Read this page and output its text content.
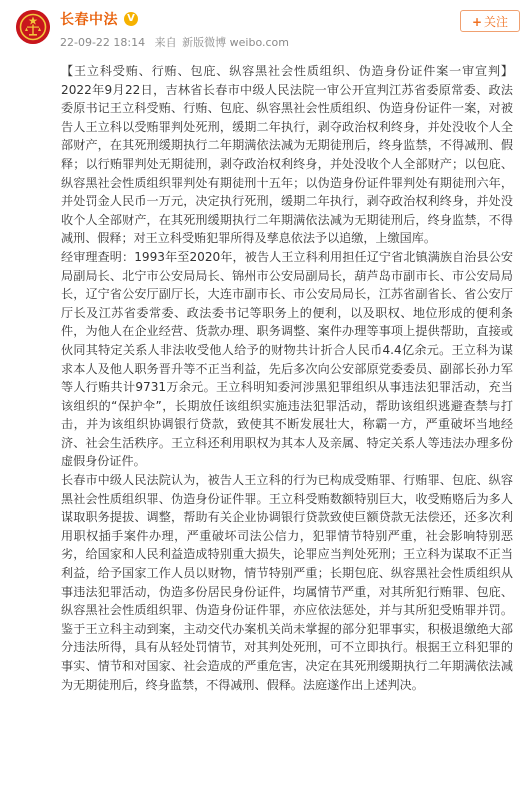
长春中法 V
22-09-22 18:14 来自 新版微博 weibo.com
+ 关注

【王立科受贿、行贿、包庇、纵容黑社会性质组织、伪造身份证件案一审宣判】2022年9月22日，吉林省长春市中级人民法院一审公开宣判江苏省委原常委、政法委原书记王立科受贿、行贿、包庇、纵容黑社会性质组织、伪造身份证件一案，对被告人王立科以受贿罪判处死刑，缓期二年执行，剥夺政治权利终身，并处没收个人全部财产，在其死刑缓期执行二年期满依法减为无期徒刑后，终身监禁，不得减刑、假释；以行贿罪判处无期徒刑，剥夺政治权利终身，并处没收个人全部财产；以包庇、纵容黑社会性质组织罪判处有期徒刑十五年；以伪造身份证件罪判处有期徒刑六年，并处罚金人民币一万元，决定执行死刑，缓期二年执行，剥夺政治权利终身，并处没收个人全部财产，在其死刑缓期执行二年期满依法减为无期徒刑后，终身监禁，不得减刑、假释；对王立科受贿犯罪所得及孳息依法予以追缴，上缴国库。

经审理查明：1993年至2020年，被告人王立科利用担任辽宁省北镇满族自治县公安局副局长、北宁市公安局局长、锦州市公安局副局长，葫芦岛市副市长、市公安局局长，辽宁省公安厅副厅长，大连市副市长、市公安局局长，江苏省副省长、省公安厅厅长及江苏省委常委、政法委书记等职务上的便利，以及职权、地位形成的便利条件，为他人在企业经营、货款办理、职务调整、案件办理等事项上提供帮助，直接或伙同其特定关系人非法收受他人给予的财物共计折合人民币4.4亿余元。王立科为谋求本人及他人职务晋升等不正当利益，先后多次向公安部原党委委员、副部长孙力军等人行贿共计9731万余元。王立科明知委河涉黑犯罪组织从事违法犯罪活动，充当该组织的“保护伞”，长期放任该组织实施违法犯罪活动，帮助该组织逃避查禁与打击，并为该组织协调银行贷款，致使其不断发展壮大，称霸一方，严重破坏当地经济、社会生活秩序。王立科还利用职权为其本人及亲属、特定关系人等违法办理多份虚假身份证件。

长春市中级人民法院认为，被告人王立科的行为已构成受贿罪、行贿罪、包庇、纵容黑社会性质组织罪、伪造身份证件罪。王立科受贿数额特别巨大，收受贿赂后为多人谋取职务提拔、调整，帮助有关企业协调银行贷款致使巨额贷款无法偿还，还多次利用职权插手案件办理，严重破坏司法公信力，犯罪情节特别严重，社会影响特别恶劣，给国家和人民利益造成特别重大损失，论罪应当判处死刑；王立科为谋取不正当利益，给予国家工作人员以财物，情节特别严重；长期包庇、纵容黑社会性质组织从事违法犯罪活动，伪造多份居民身份证件，均属情节严重，对其所犯行贿罪、包庇、纵容黑社会性质组织罪、伪造身份证件罪，亦应依法惩处，并与其所犯受贿罪并罚。鉴于王立科主动到案，主动交代办案机关尚未掌握的部分犯罪事实，积极退缴绝大部分违法所得，具有从轻处罚情节，对其判处死刑，可不立即执行。根据王立科犯罪的事实、情节和对国家、社会造成的严重危害，决定在其死刑缓期执行二年期满依法减为无期徒刑后，终身监禁，不得减刑、假释。法庭遂作出上述判决。
